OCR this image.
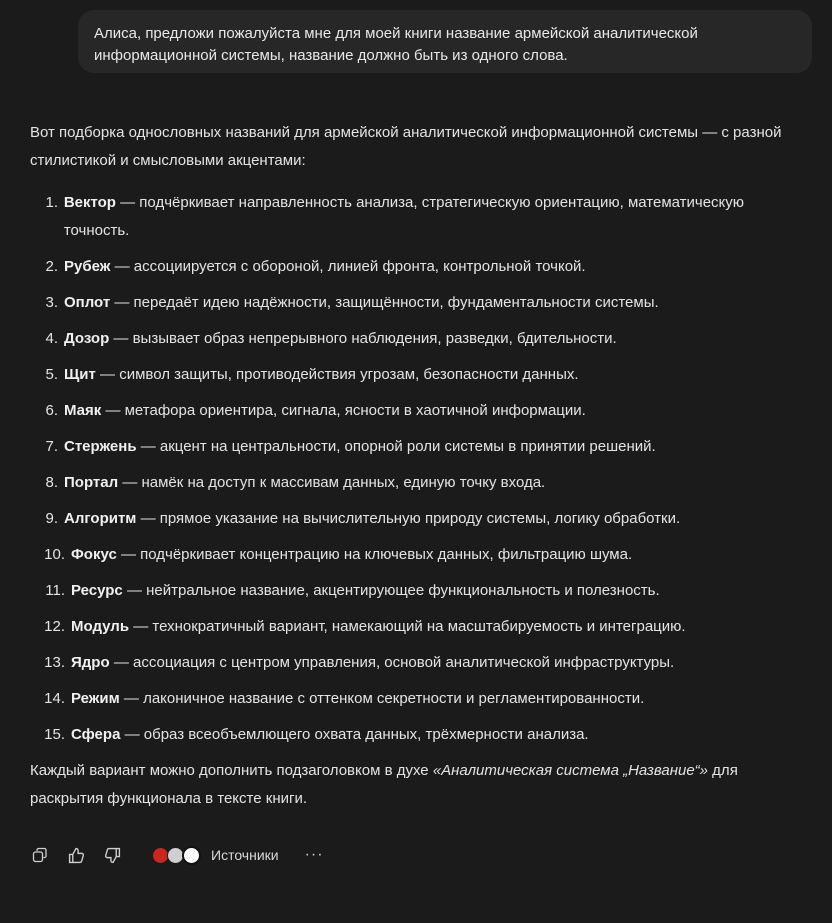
Алиса, предложи пожалуйста мне для моей книги название армейской аналитической информационной системы, название должно быть из одного слова.

Вот подборка однословных названий для армейской аналитической информационной системы — с разной стилистикой и смысловыми акцентами:

1. Вектор — подчёркивает направленность анализа, стратегическую ориентацию, математическую точность.
2. Рубеж — ассоциируется с обороной, линией фронта, контрольной точкой.
3. Оплот — передаёт идею надёжности, защищённости, фундаментальности системы.
4. Дозор — вызывает образ непрерывного наблюдения, разведки, бдительности.
5. Щит — символ защиты, противодействия угрозам, безопасности данных.
6. Маяк — метафора ориентира, сигнала, ясности в хаотичной информации.
7. Стержень — акцент на центральности, опорной роли системы в принятии решений.
8. Портал — намёк на доступ к массивам данных, единую точку входа.
9. Алгоритм — прямое указание на вычислительную природу системы, логику обработки.
10. Фокус — подчёркивает концентрацию на ключевых данных, фильтрацию шума.
11. Ресурс — нейтральное название, акцентирующее функциональность и полезность.
12. Модуль — технократичный вариант, намекающий на масштабируемость и интеграцию.
13. Ядро — ассоциация с центром управления, основой аналитической инфраструктуры.
14. Режим — лаконичное название с оттенком секретности и регламентированности.
15. Сфера — образ всеобъемлющего охвата данных, трёхмерности анализа.

Каждый вариант можно дополнить подзаголовком в духе «Аналитическая система „Название“» для раскрытия функционала в тексте книги.

Источники ···
